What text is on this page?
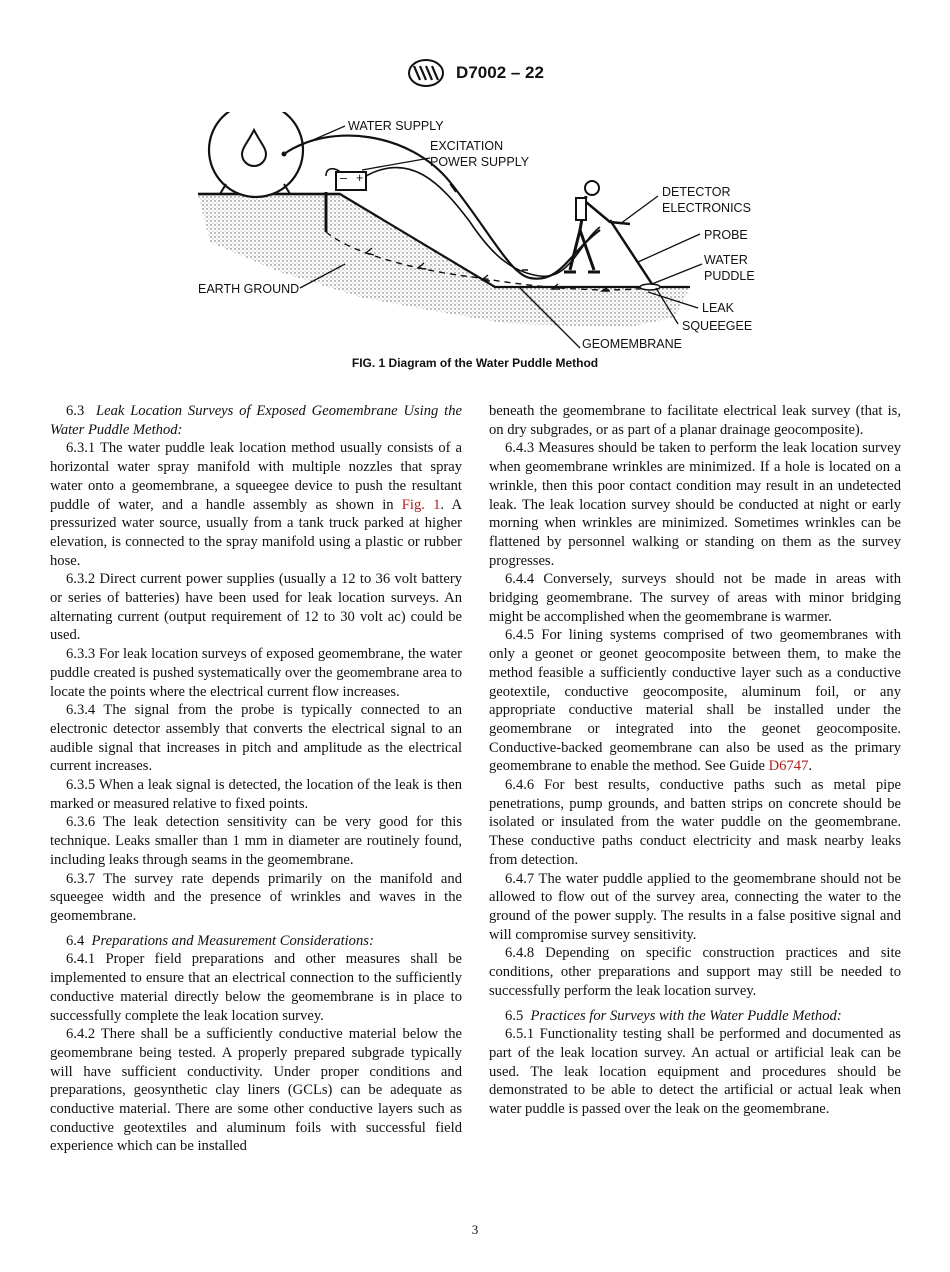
D7002 – 22
– +
WATER SUPPLY
EXCITATION
POWER SUPPLY
DETECTOR
ELECTRONICS
PROBE
WATER
PUDDLE
LEAK
SQUEEGEE
EARTH GROUND
GEOMEMBRANE
FIG. 1 Diagram of the Water Puddle Method

6.3 Leak Location Surveys of Exposed Geomembrane Using the Water Puddle Method:

6.3.1 The water puddle leak location method usually consists of a horizontal water spray manifold with multiple nozzles that spray water onto a geomembrane, a squeegee device to push the resultant puddle of water, and a handle assembly as shown in Fig. 1. A pressurized water source, usually from a tank truck parked at higher elevation, is connected to the spray manifold using a plastic or rubber hose.

6.3.2 Direct current power supplies (usually a 12 to 36 volt battery or series of batteries) have been used for leak location surveys. An alternating current (output requirement of 12 to 30 volt ac) could be used.

6.3.3 For leak location surveys of exposed geomembrane, the water puddle created is pushed systematically over the geomembrane area to locate the points where the electrical current flow increases.

6.3.4 The signal from the probe is typically connected to an electronic detector assembly that converts the electrical signal to an audible signal that increases in pitch and amplitude as the electrical current increases.

6.3.5 When a leak signal is detected, the location of the leak is then marked or measured relative to fixed points.

6.3.6 The leak detection sensitivity can be very good for this technique. Leaks smaller than 1 mm in diameter are routinely found, including leaks through seams in the geomembrane.

6.3.7 The survey rate depends primarily on the manifold and squeegee width and the presence of wrinkles and waves in the geomembrane.

6.4 Preparations and Measurement Considerations:

6.4.1 Proper field preparations and other measures shall be implemented to ensure that an electrical connection to the sufficiently conductive material directly below the geomembrane is in place to successfully complete the leak location survey.

6.4.2 There shall be a sufficiently conductive material below the geomembrane being tested. A properly prepared subgrade typically will have sufficient conductivity. Under proper conditions and preparations, geosynthetic clay liners (GCLs) can be adequate as conductive material. There are some other conductive layers such as conductive geotextiles and aluminum foils with successful field experience which can be installed

beneath the geomembrane to facilitate electrical leak survey (that is, on dry subgrades, or as part of a planar drainage geocomposite).

6.4.3 Measures should be taken to perform the leak location survey when geomembrane wrinkles are minimized. If a hole is located on a wrinkle, then this poor contact condition may result in an undetected leak. The leak location survey should be conducted at night or early morning when wrinkles are minimized. Sometimes wrinkles can be flattened by personnel walking or standing on them as the survey progresses.

6.4.4 Conversely, surveys should not be made in areas with bridging geomembrane. The survey of areas with minor bridging might be accomplished when the geomembrane is warmer.

6.4.5 For lining systems comprised of two geomembranes with only a geonet or geonet geocomposite between them, to make the method feasible a sufficiently conductive layer such as a conductive geotextile, conductive geocomposite, aluminum foil, or any appropriate conductive material shall be installed under the geomembrane or integrated into the geonet geocomposite. Conductive-backed geomembrane can also be used as the primary geomembrane to enable the method. See Guide D6747.

6.4.6 For best results, conductive paths such as metal pipe penetrations, pump grounds, and batten strips on concrete should be isolated or insulated from the water puddle on the geomembrane. These conductive paths conduct electricity and mask nearby leaks from detection.

6.4.7 The water puddle applied to the geomembrane should not be allowed to flow out of the survey area, connecting the water to the ground of the power supply. The results in a false positive signal and will compromise survey sensitivity.

6.4.8 Depending on specific construction practices and site conditions, other preparations and support may still be needed to successfully perform the leak location survey.

6.5 Practices for Surveys with the Water Puddle Method:

6.5.1 Functionality testing shall be performed and documented as part of the leak location survey. An actual or artificial leak can be used. The leak location equipment and procedures should be demonstrated to be able to detect the artificial or actual leak when water puddle is passed over the leak on the geomembrane.

3
